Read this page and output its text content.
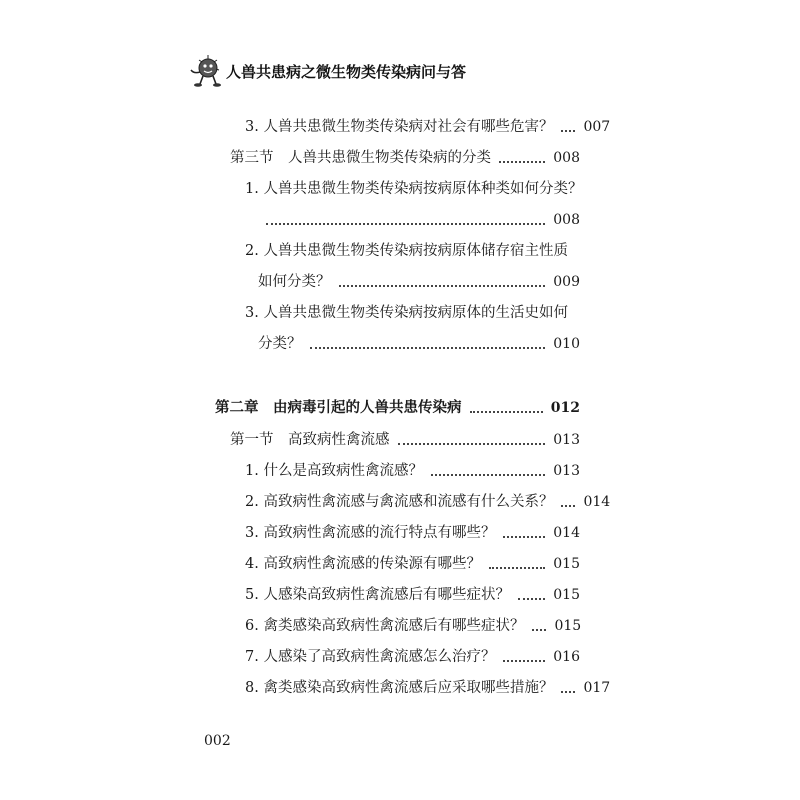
人兽共患病之微生物类传染病问与答
3. 人兽共患微生物类传染病对社会有哪些危害？ 007
第三节　人兽共患微生物类传染病的分类	008
1. 人兽共患微生物类传染病按病原体种类如何分类？
008
2. 人兽共患微生物类传染病按病原体储存宿主性质
如何分类？	009
3. 人兽共患微生物类传染病按病原体的生活史如何
分类？	010
第二章　由病毒引起的人兽共患传染病	012
第一节　高致病性禽流感	013
1. 什么是高致病性禽流感？	013
2. 高致病性禽流感与禽流感和流感有什么关系？ 014
3. 高致病性禽流感的流行特点有哪些？	014
4. 高致病性禽流感的传染源有哪些？	015
5. 人感染高致病性禽流感后有哪些症状？	015
6. 禽类感染高致病性禽流感后有哪些症状？ 015
7. 人感染了高致病性禽流感怎么治疗？	016
8. 禽类感染高致病性禽流感后应采取哪些措施？ 017
002
